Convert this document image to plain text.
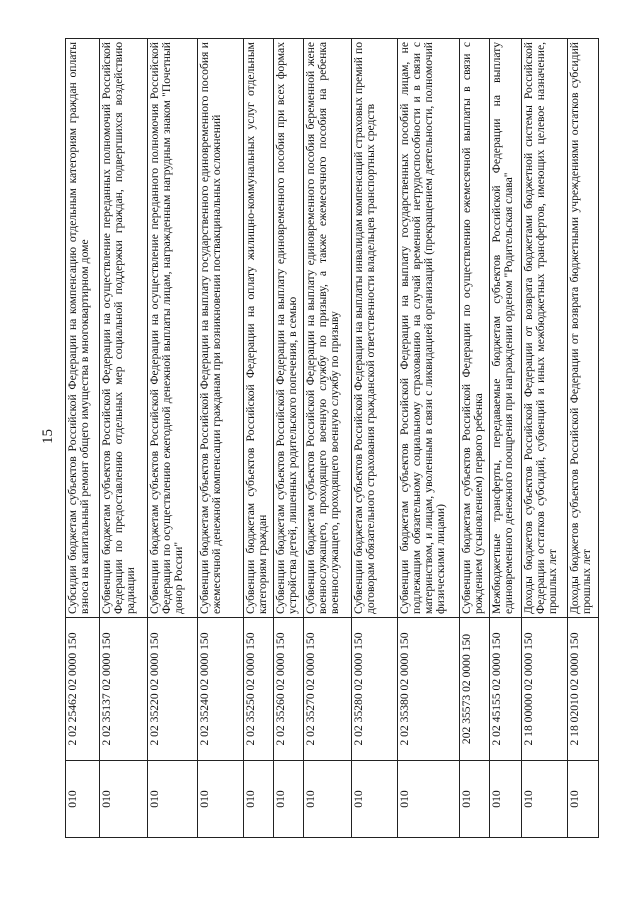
15
010	2 02 25462 02 0000 150	Субсидии бюджетам субъектов Российской Федерации на компенсацию отдельным категориям граждан оплаты взноса на капитальный ремонт общего имущества в многоквартирном доме
010	2 02 35137 02 0000 150	Субвенции бюджетам субъектов Российской Федерации на осуществление переданных полномочий Российской Федерации по предоставлению отдельных мер социальной поддержки граждан, подвергшихся воздействию радиации
010	2 02 35220 02 0000 150	Субвенции бюджетам субъектов Российской Федерации на осуществление переданного полномочия Российской Федерации по осуществлению ежегодной денежной выплаты лицам, награжденным нагрудным знаком "Почетный донор России"
010	2 02 35240 02 0000 150	Субвенции бюджетам субъектов Российской Федерации на выплату государственного единовременного пособия и ежемесячной денежной компенсации гражданам при возникновении поствакцинальных осложнений
010	2 02 35250 02 0000 150	Субвенции бюджетам субъектов Российской Федерации на оплату жилищно-коммунальных услуг отдельным категориям граждан
010	2 02 35260 02 0000 150	Субвенции бюджетам субъектов Российской Федерации на выплату единовременного пособия при всех формах устройства детей, лишенных родительского попечения, в семью
010	2 02 35270 02 0000 150	Субвенции бюджетам субъектов Российской Федерации на выплату единовременного пособия беременной жене военнослужащего, проходящего военную службу по призыву, а также ежемесячного пособия на ребенка военнослужащего, проходящего военную службу по призыву
010	2 02 35280 02 0000 150	Субвенции бюджетам субъектов Российской Федерации на выплаты инвалидам компенсаций страховых премий по договорам обязательного страхования гражданской ответственности владельцев транспортных средств
010	2 02 35380 02 0000 150	Субвенции бюджетам субъектов Российской Федерации на выплату государственных пособий лицам, не подлежащим обязательному социальному страхованию на случай временной нетрудоспособности и в связи с материнством, и лицам, уволенным в связи с ликвидацией организаций (прекращением деятельности, полномочий физическими лицами)
010	202 35573 02 0000 150	Субвенции бюджетам субъектов Российской Федерации по осуществлению ежемесячной выплаты в связи с рождением (усыновлением) первого ребенка
010	2 02 45155 02 0000 150	Межбюджетные трансферты, передаваемые бюджетам субъектов Российской Федерации на выплату единовременного денежного поощрения при награждении орденом "Родительская слава"
010	2 18 00000 02 0000 150	Доходы бюджетов субъектов Российской Федерации от возврата бюджетами бюджетной системы Российской Федерации остатков субсидий, субвенций и иных межбюджетных трансфертов, имеющих целевое назначение, прошлых лет
010	2 18 02010 02 0000 150	Доходы бюджетов субъектов Российской Федерации от возврата бюджетными учреждениями остатков субсидий прошлых лет
